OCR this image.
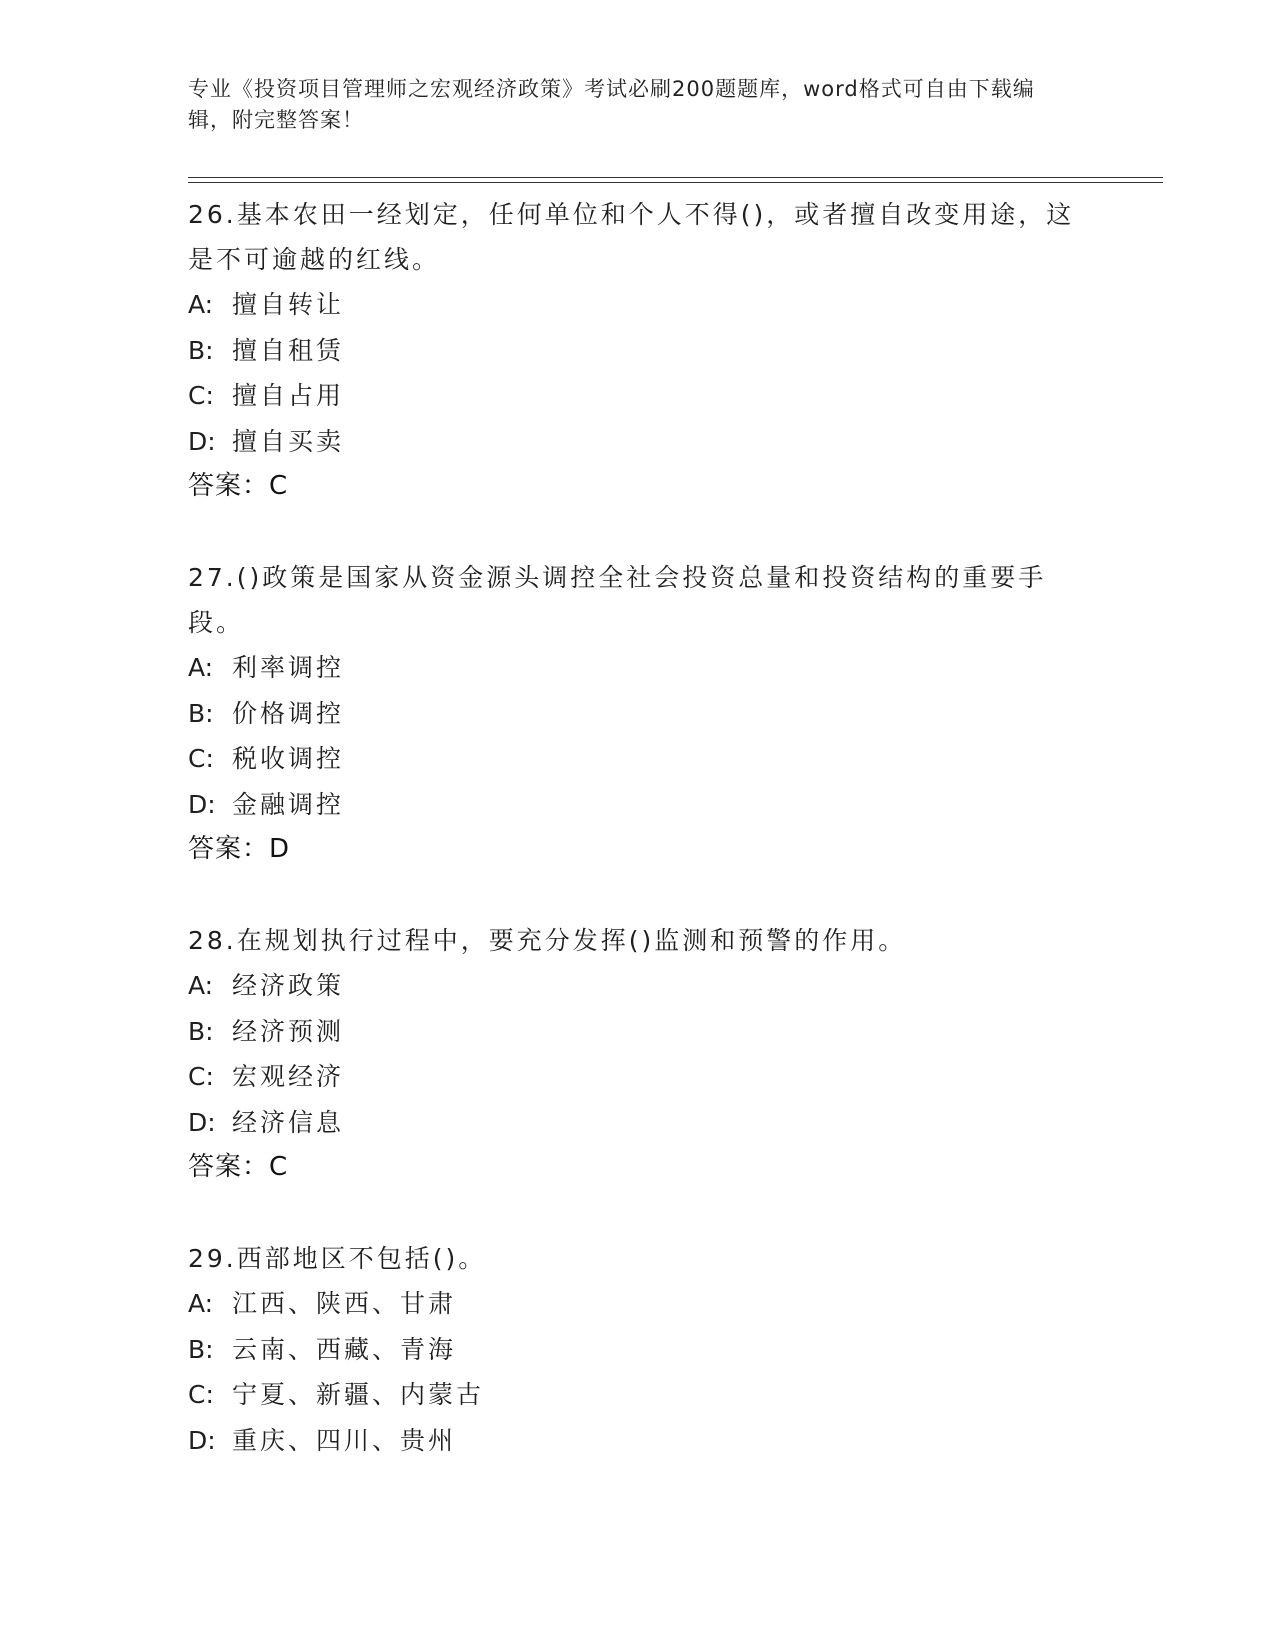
专业《投资项目管理师之宏观经济政策》考试必刷200题题库，word格式可自由下载编辑，附完整答案！

26.基本农田一经划定，任何单位和个人不得()，或者擅自改变用途，这是不可逾越的红线。

A: 擅自转让
B: 擅自租赁
C: 擅自占用
D: 擅自买卖
答案：C

27.()政策是国家从资金源头调控全社会投资总量和投资结构的重要手段。

A: 利率调控
B: 价格调控
C: 税收调控
D: 金融调控
答案：D

28.在规划执行过程中，要充分发挥()监测和预警的作用。

A: 经济政策
B: 经济预测
C: 宏观经济
D: 经济信息
答案：C

29.西部地区不包括()。

A: 江西、陕西、甘肃
B: 云南、西藏、青海
C: 宁夏、新疆、内蒙古
D: 重庆、四川、贵州
